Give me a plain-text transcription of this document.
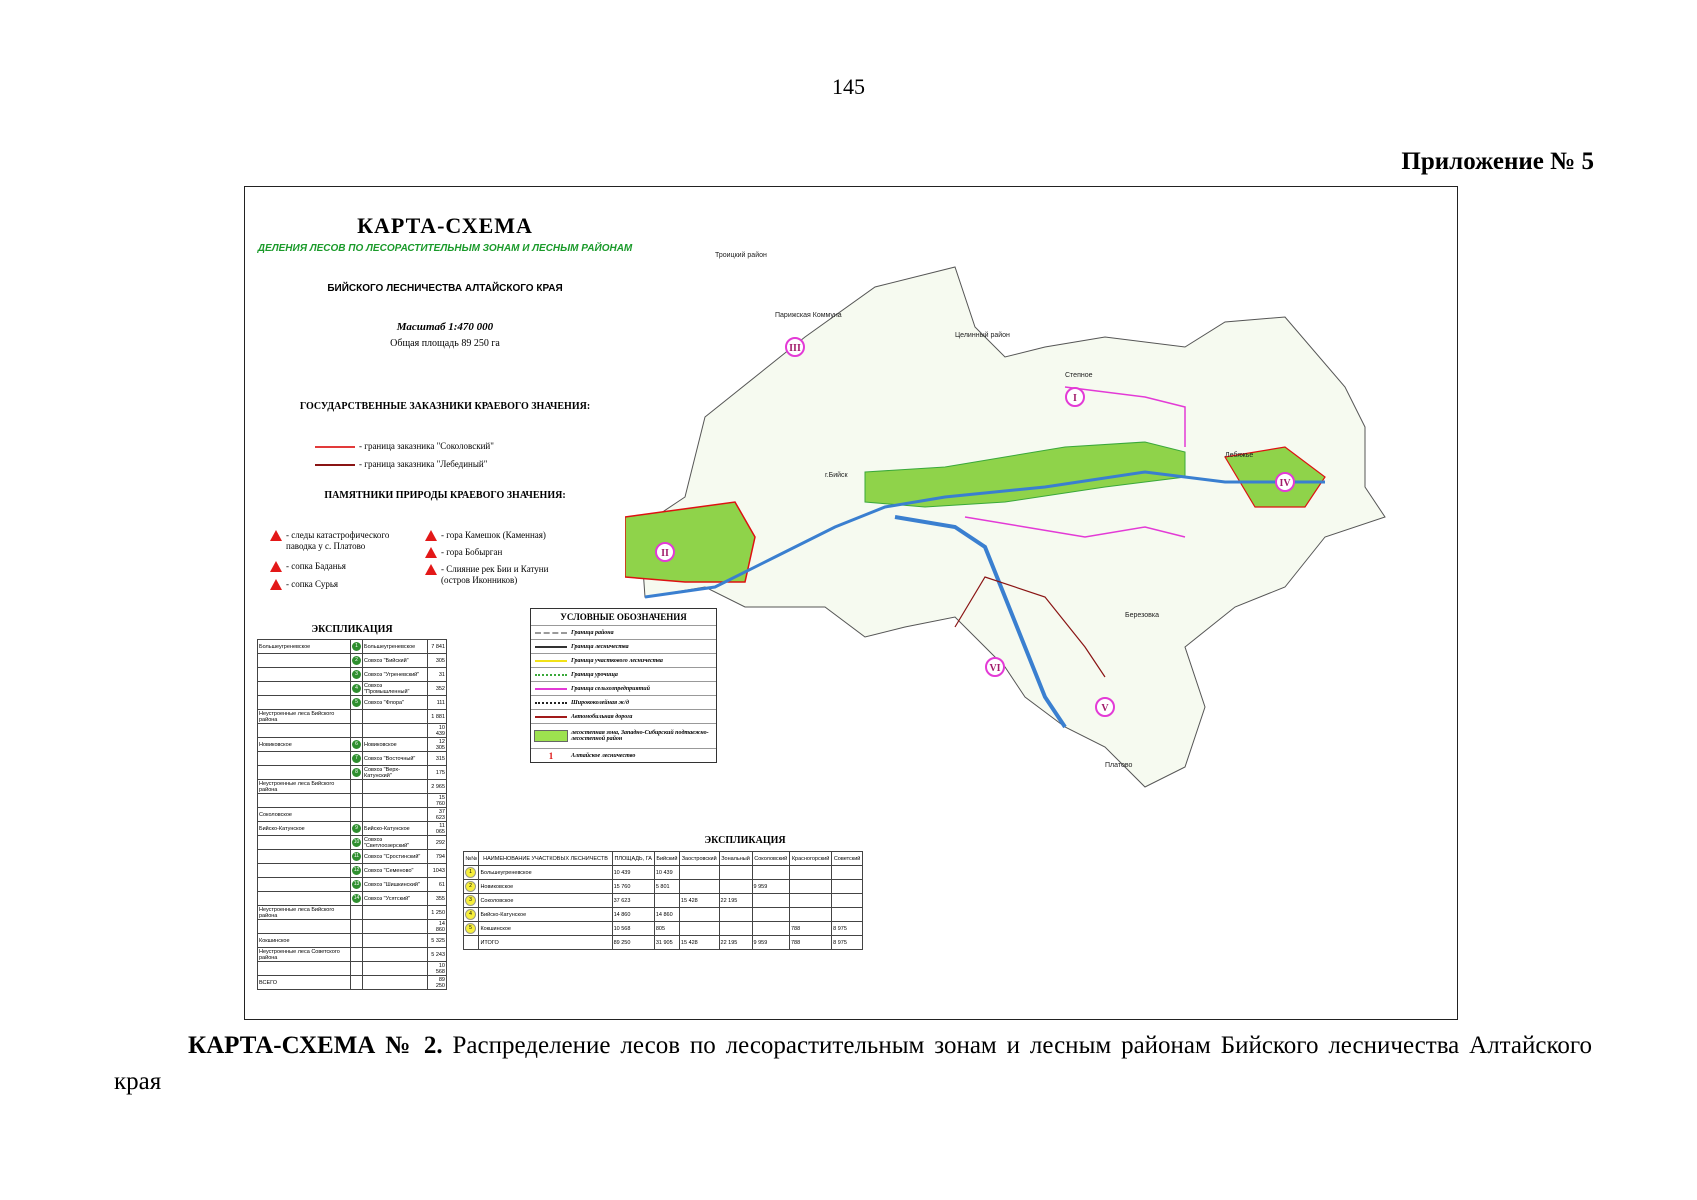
145
Приложение № 5
КАРТА-СХЕМА
ДЕЛЕНИЯ ЛЕСОВ ПО ЛЕСОРАСТИТЕЛЬНЫМ ЗОНАМ И ЛЕСНЫМ РАЙОНАМ
БИЙСКОГО ЛЕСНИЧЕСТВА АЛТАЙСКОГО КРАЯ
Масштаб 1:470 000
Общая площадь 89 250 га
ГОСУДАРСТВЕННЫЕ ЗАКАЗНИКИ КРАЕВОГО ЗНАЧЕНИЯ:
- граница заказника "Соколовский"
- граница заказника "Лебединый"
ПАМЯТНИКИ ПРИРОДЫ КРАЕВОГО ЗНАЧЕНИЯ:
- следы катастрофического паводка у с. Платово
- сопка Баданья
- сопка Сурья
- гора Камешок (Каменная)
- гора Бобырган
- Слияние рек Бии и Катуни (остров Иконников)
ЭКСПЛИКАЦИЯ
Большеугреневское	1	Большеугреневское	7 841
	2	Совхоз "Бийский"	305
	3	Совхоз "Угреневский"	31
	4	Совхоз "Промышленный"	352
	5	Совхоз "Флора"	111
Неустроенные леса Бийского района			1 881
			10 439
Новиковское	6	Новиковское	12 305
	7	Совхоз "Восточный"	315
	8	Совхоз "Верх-Катунский"	175
Неустроенные леса Бийского района			2 965
			15 760
Соколовское			37 623
Бийско-Катунское	9	Бийско-Катунское	11 065
	10	Совхоз "Светлоозерский"	292
	11	Совхоз "Сростинский"	794
	12	Совхоз "Семеново"	1043
	13	Совхоз "Шишкинский"	61
	14	Совхоз "Усятский"	355
Неустроенные леса Бийского района			1 250
			14 860
Кокшинское			5 325
Неустроенные леса Советского района			5 243
			10 568
ВСЕГО			89 250
УСЛОВНЫЕ ОБОЗНАЧЕНИЯ
Граница района
Граница лесничества
Граница участкового лесничества
Граница урочища
Граница сельхозпредприятий
Ширококолейная ж/д
Автомобильная дорога
лесостепная зона, Западно-Сибирский подтаежно-лесостепной район
1	Алтайское лесничество
ЭКСПЛИКАЦИЯ
№№	НАИМЕНОВАНИЕ УЧАСТКОВЫХ ЛЕСНИЧЕСТВ	ПЛОЩАДЬ, ГА	Бийский	Заостровский	Зональный	Соколовский	Красногорский	Советский
1	Большеугреневское	10 439	10 439					
2	Новиковское	15 760	5 801			9 959		
3	Соколовское	37 623		15 428	22 195			
4	Бийско-Катунское	14 860	14 860					
5	Кокшинское	10 568	805				788	8 975
	ИТОГО	89 250	31 905	15 428	22 195	9 959	788	8 975
Троицкий район
Парижская Коммуна
г.Бийск
Целинный район
Степное
Лебяжье
Платово
Березовка
III
I
II
IV
V
VI
КАРТА-СХЕМА № 2. Распределение лесов по лесорастительным зонам и лесным районам Бийского лесничества Алтайского края
